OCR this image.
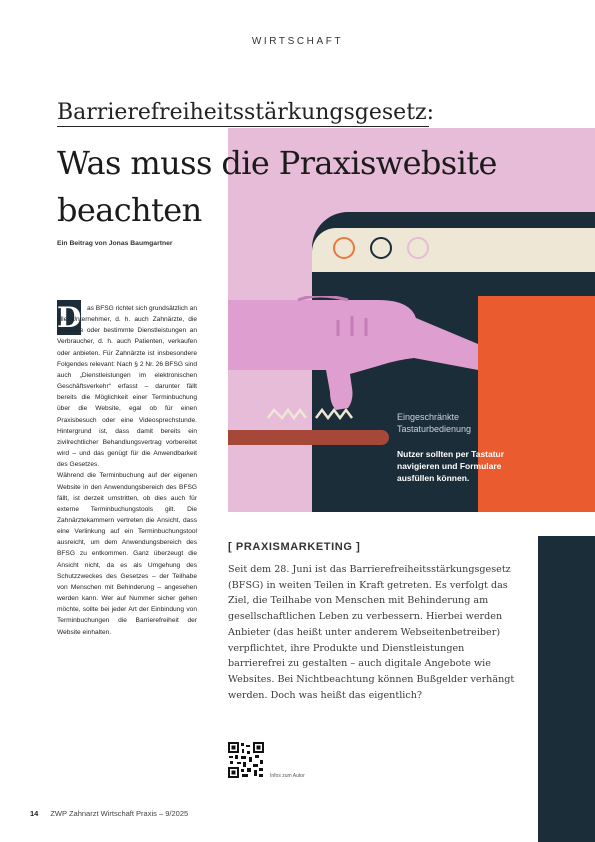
WIRTSCHAFT
Barrierefreiheitsstärkungsgesetz:
Was muss die Praxiswebsite
beachten
Ein Beitrag von Jonas Baumgartner
Eingeschränkte
Tastaturbedienung
Nutzer sollten per Tastatur navigieren und Formulare ausfüllen können.
D as BFSG richtet sich grundsätzlich an alle Unternehmer, d. h. auch Zahnärzte, die Produkte oder bestimmte Dienstleistungen an Verbraucher, d. h. auch Patienten, verkaufen oder anbieten. Für Zahnärzte ist insbesondere Folgendes relevant: Nach § 2 Nr. 26 BFSG sind auch „Dienstleistungen im elektronischen Geschäftsverkehr“ erfasst – darunter fällt bereits die Möglichkeit einer Terminbuchung über die Website, egal ob für einen Praxisbesuch oder eine Videosprechstunde. Hintergrund ist, dass damit bereits ein zivilrechtlicher Behandlungsvertrag vorbereitet wird – und das genügt für die Anwendbarkeit des Gesetzes.

Während die Terminbuchung auf der eigenen Website in den Anwendungsbereich des BFSG fällt, ist derzeit umstritten, ob dies auch für externe Terminbuchungstools gilt. Die Zahnärztekammern vertreten die Ansicht, dass eine Verlinkung auf ein Terminbuchungstool ausreicht, um dem Anwendungsbereich des BFSG zu entkommen. Ganz überzeugt die Ansicht nicht, da es als Umgehung des Schutzzweckes des Gesetzes – der Teilhabe von Menschen mit Behinderung – angesehen werden kann. Wer auf Nummer sicher gehen möchte, sollte bei jeder Art der Einbindung von Terminbuchungen die Barrierefreiheit der Website einhalten.

[ PRAXISMARKETING ]
Seit dem 28. Juni ist das Barrierefreiheitsstärkungsgesetz (BFSG) in weiten Teilen in Kraft getreten. Es verfolgt das Ziel, die Teilhabe von Menschen mit Behinderung am gesellschaftlichen Leben zu verbessern. Hierbei werden Anbieter (das heißt unter anderem Webseitenbetreiber) verpflichtet, ihre Produkte und Dienstleistungen barrierefrei zu gestalten – auch digitale Angebote wie Websites. Bei Nichtbeachtung können Bußgelder verhängt werden. Doch was heißt das eigentlich?
Infos zum Autor
14 ZWP Zahnarzt Wirtschaft Praxis – 9/2025
